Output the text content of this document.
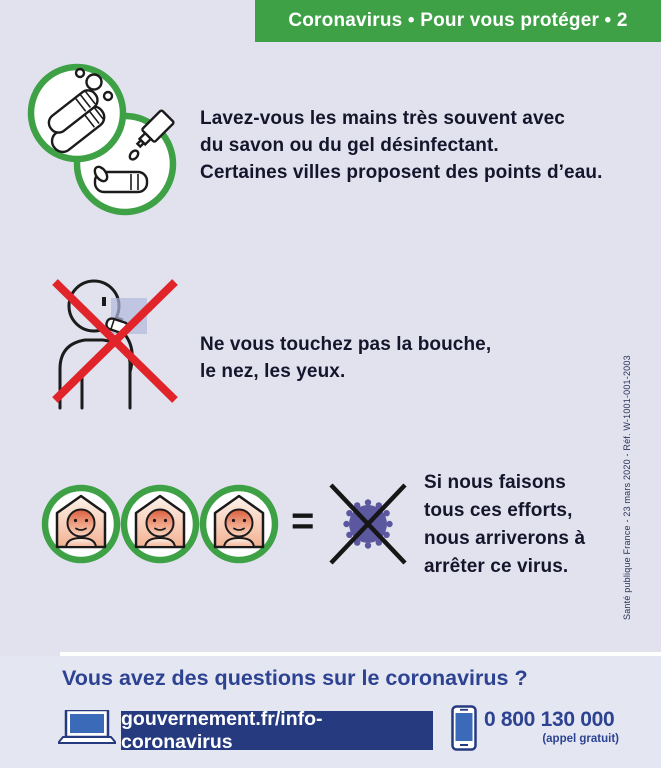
Coronavirus • Pour vous protéger • 2
Lavez-vous les mains très souvent avec
du savon ou du gel désinfectant.
Certaines villes proposent des points d’eau.
Ne vous touchez pas la bouche,
le nez, les yeux.
=
Si nous faisons
tous ces efforts,
nous arriverons à
arrêter ce virus.	Santé publique France - 23 mars 2020 - Réf. W-1001-001-2003
Vous avez des questions sur le coronavirus ?
gouvernement.fr/info-coronavirus
0 800 130 000
(appel gratuit)
